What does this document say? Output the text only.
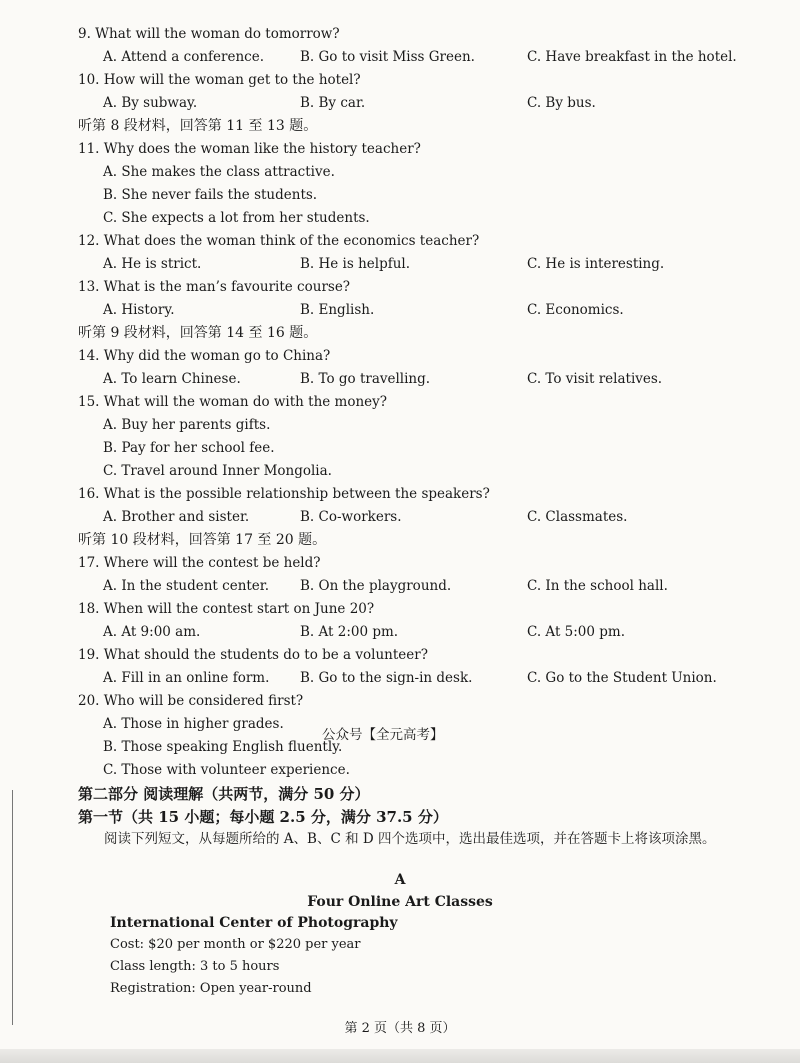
9. What will the woman do tomorrow?
A. Attend a conference.	B. Go to visit Miss Green.	C. Have breakfast in the hotel.
10. How will the woman get to the hotel?
A. By subway.	B. By car.	C. By bus.
听第 8 段材料，回答第 11 至 13 题。
11. Why does the woman like the history teacher?
A. She makes the class attractive.
B. She never fails the students.
C. She expects a lot from her students.
12. What does the woman think of the economics teacher?
A. He is strict.	B. He is helpful.	C. He is interesting.
13. What is the man’s favourite course?
A. History.	B. English.	C. Economics.
听第 9 段材料，回答第 14 至 16 题。
14. Why did the woman go to China?
A. To learn Chinese.	B. To go travelling.	C. To visit relatives.
15. What will the woman do with the money?
A. Buy her parents gifts.
B. Pay for her school fee.
C. Travel around Inner Mongolia.
16. What is the possible relationship between the speakers?
A. Brother and sister.	B. Co-workers.	C. Classmates.
听第 10 段材料，回答第 17 至 20 题。
17. Where will the contest be held?
A. In the student center. B. On the playground.	C. In the school hall.
18. When will the contest start on June 20?
A. At 9:00 am.	B. At 2:00 pm.	C. At 5:00 pm.
19. What should the students do to be a volunteer?
A. Fill in an online form. B. Go to the sign-in desk.	C. Go to the Student Union.
20. Who will be considered first?
A. Those in higher grades.
B. Those speaking English fluently.
C. Those with volunteer experience.
公众号【全元高考】
第二部分 阅读理解（共两节，满分 50 分）
第一节（共 15 小题；每小题 2.5 分，满分 37.5 分）
阅读下列短文，从每题所给的 A、B、C 和 D 四个选项中，选出最佳选项，并在答题卡上将该项涂黑。
A
Four Online Art Classes
International Center of Photography
Cost: $20 per month or $220 per year
Class length: 3 to 5 hours
Registration: Open year-round
第 2 页（共 8 页）
